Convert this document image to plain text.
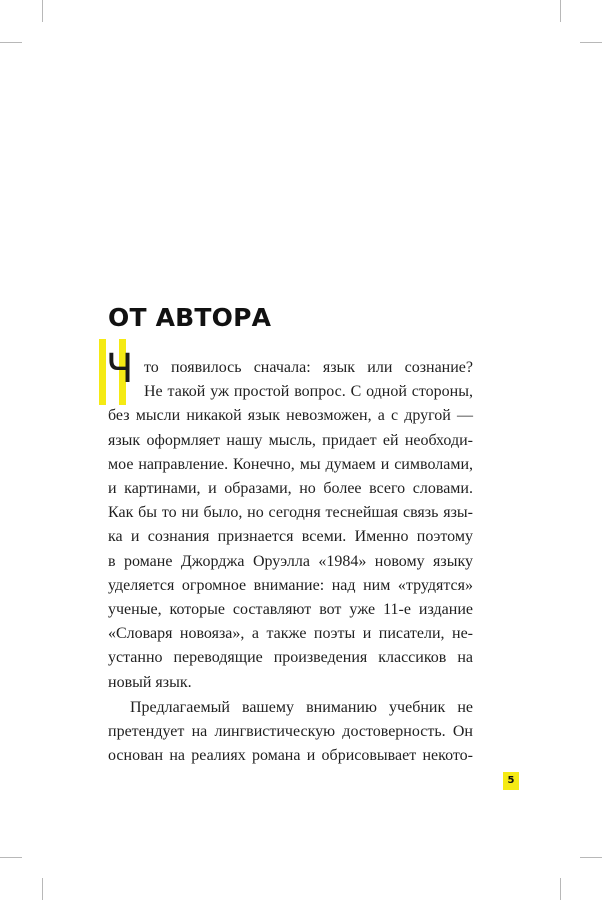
ОТ АВТОРА
Ч то появилось сначала: язык или сознание?
Не такой уж простой вопрос. С одной стороны,
без мысли никакой язык невозможен, а с другой —
язык оформляет нашу мысль, придает ей необходи-
мое направление. Конечно, мы думаем и символами,
и картинами, и образами, но более всего словами.
Как бы то ни было, но сегодня теснейшая связь язы-
ка и сознания признается всеми. Именно поэтому
в романе Джорджа Оруэлла «1984» новому языку
уделяется огромное внимание: над ним «трудятся»
ученые, которые составляют вот уже 11-е издание
«Словаря новояза», а также поэты и писатели, не-
устанно переводящие произведения классиков на
новый язык.

Предлагаемый вашему вниманию учебник не
претендует на лингвистическую достоверность. Он
основан на реалиях романа и обрисовывает некото-

5
